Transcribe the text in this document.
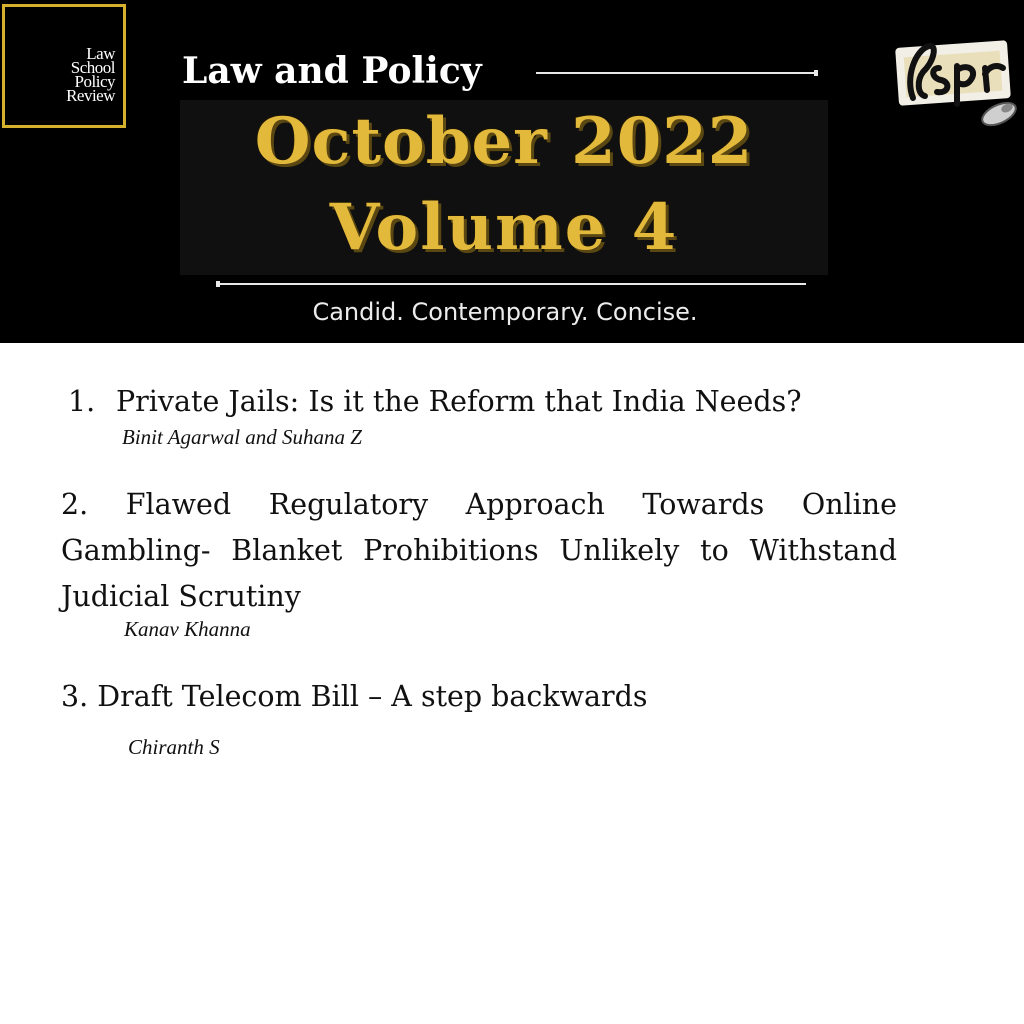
Law
School
Policy
Review
Law and Policy
October 2022
Volume 4
Candid. Contemporary. Concise.
1. Private Jails: Is it the Reform that India Needs?
Binit Agarwal and Suhana Z
2. Flawed Regulatory Approach Towards Online Gambling- Blanket Prohibitions Unlikely to Withstand Judicial Scrutiny
Kanav Khanna
3. Draft Telecom Bill – A step backwards
Chiranth S
